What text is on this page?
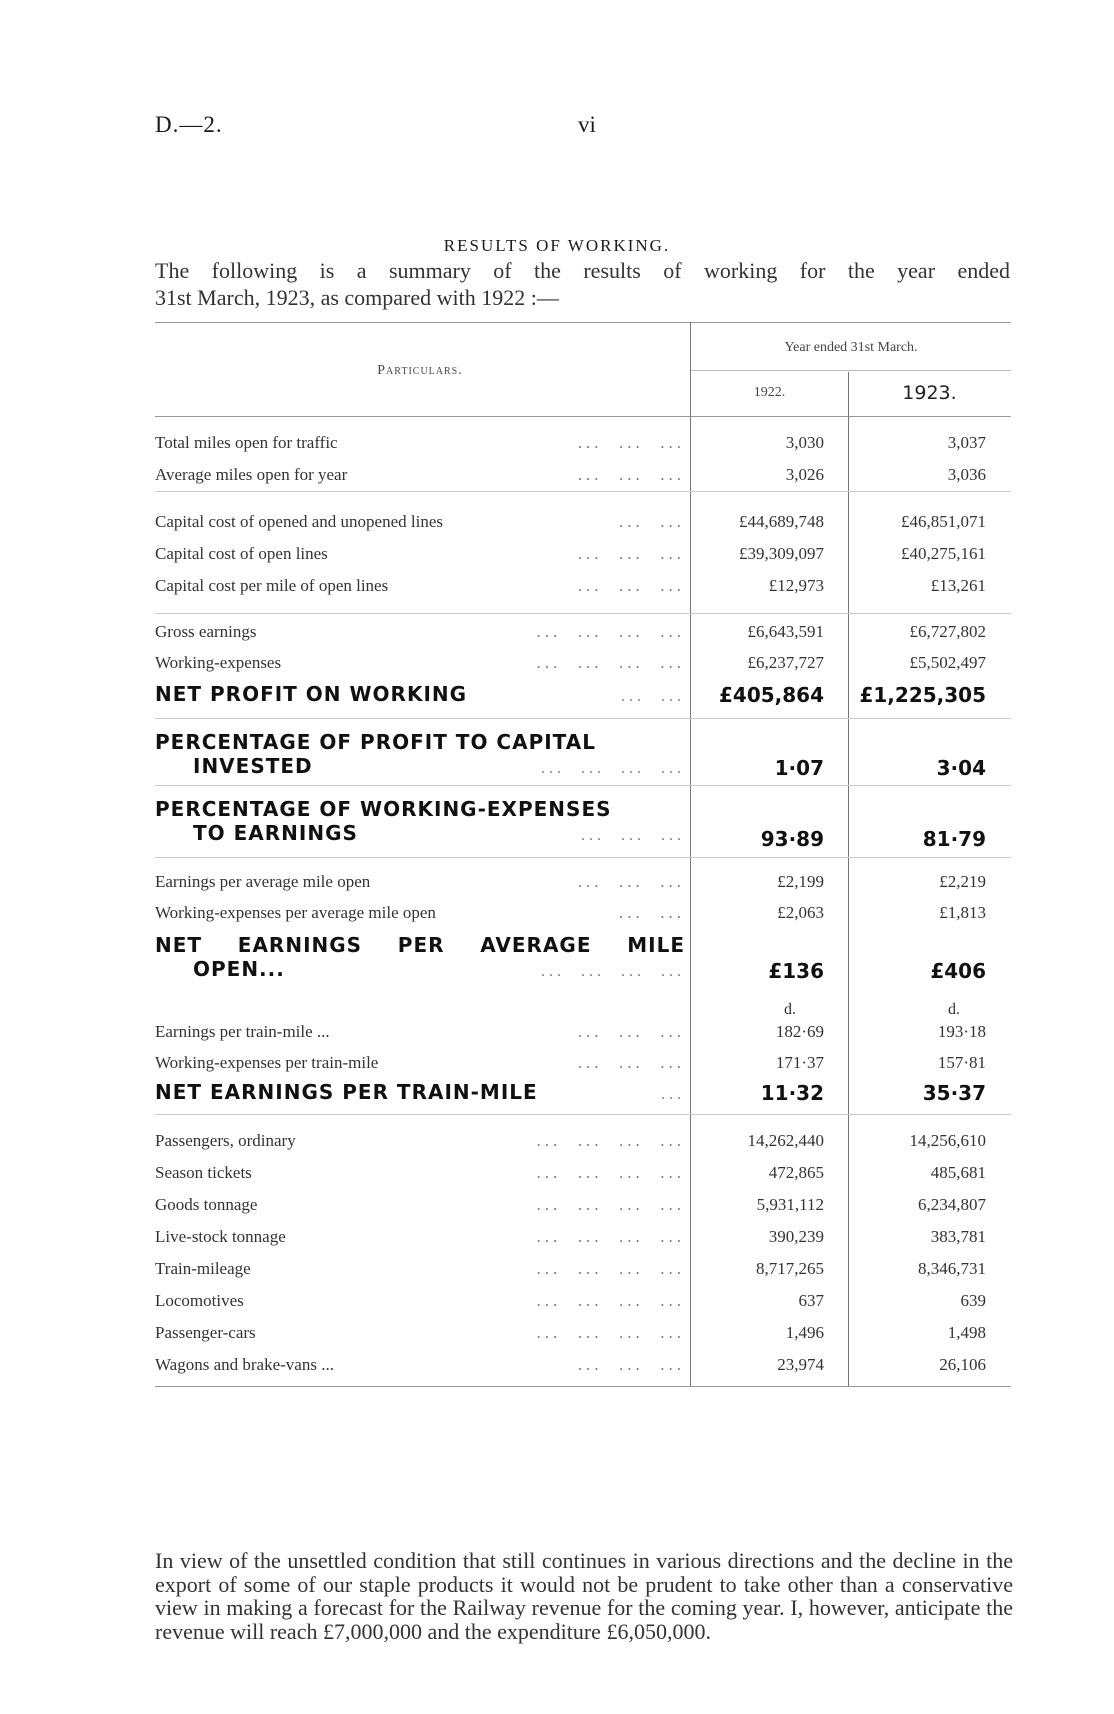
D.—2.	vi
RESULTS OF WORKING.
The following is a summary of the results of working for the year ended
31st March, 1923, as compared with 1922 :—
Particulars.
Year ended 31st March.
1922.	1923.
Total miles open for traffic	...  ...  ...	3,030	3,037
Average miles open for year	...  ...  ...	3,026	3,036
Capital cost of opened and unopened lines	...  ...	£44,689,748	£46,851,071
Capital cost of open lines	...  ...  ...	£39,309,097	£40,275,161
Capital cost per mile of open lines	...  ...  ...	£12,973	£13,261
Gross earnings	...  ...  ...  ...	£6,643,591	£6,727,802
Working-expenses	...  ...  ...  ...	£6,237,727	£5,502,497
NET PROFIT ON WORKING	...  ...	£405,864	£1,225,305
PERCENTAGE OF PROFIT TO CAPITAL
INVESTED	...  ...  ...  ...	1·07	3·04
PERCENTAGE OF WORKING-EXPENSES
TO EARNINGS	...  ...  ...	93·89	81·79
Earnings per average mile open	...  ...  ...	£2,199	£2,219
Working-expenses per average mile open	...  ...	£2,063	£1,813
NET EARNINGS PER AVERAGE MILE
OPEN...	...  ...  ...  ...	£136	£406
d.	d.
Earnings per train-mile ...	...  ...  ...	182·69	193·18
Working-expenses per train-mile	...  ...  ...	171·37	157·81
NET EARNINGS PER TRAIN-MILE	...	11·32	35·37
Passengers, ordinary	...  ...  ...  ...	14,262,440	14,256,610
Season tickets	...  ...  ...  ...	472,865	485,681
Goods tonnage	...  ...  ...  ...	5,931,112	6,234,807
Live-stock tonnage	...  ...  ...  ...	390,239	383,781
Train-mileage	...  ...  ...  ...	8,717,265	8,346,731
Locomotives	...  ...  ...  ...	637	639
Passenger-cars	...  ...  ...  ...	1,496	1,498
Wagons and brake-vans ...	...  ...  ...	23,974	26,106
In view of the unsettled condition that still continues in various directions and the decline in the export of some of our staple products it would not be prudent to take other than a conservative view in making a forecast for the Railway revenue for the coming year. I, however, anticipate the revenue will reach £7,000,000 and the expenditure £6,050,000.
